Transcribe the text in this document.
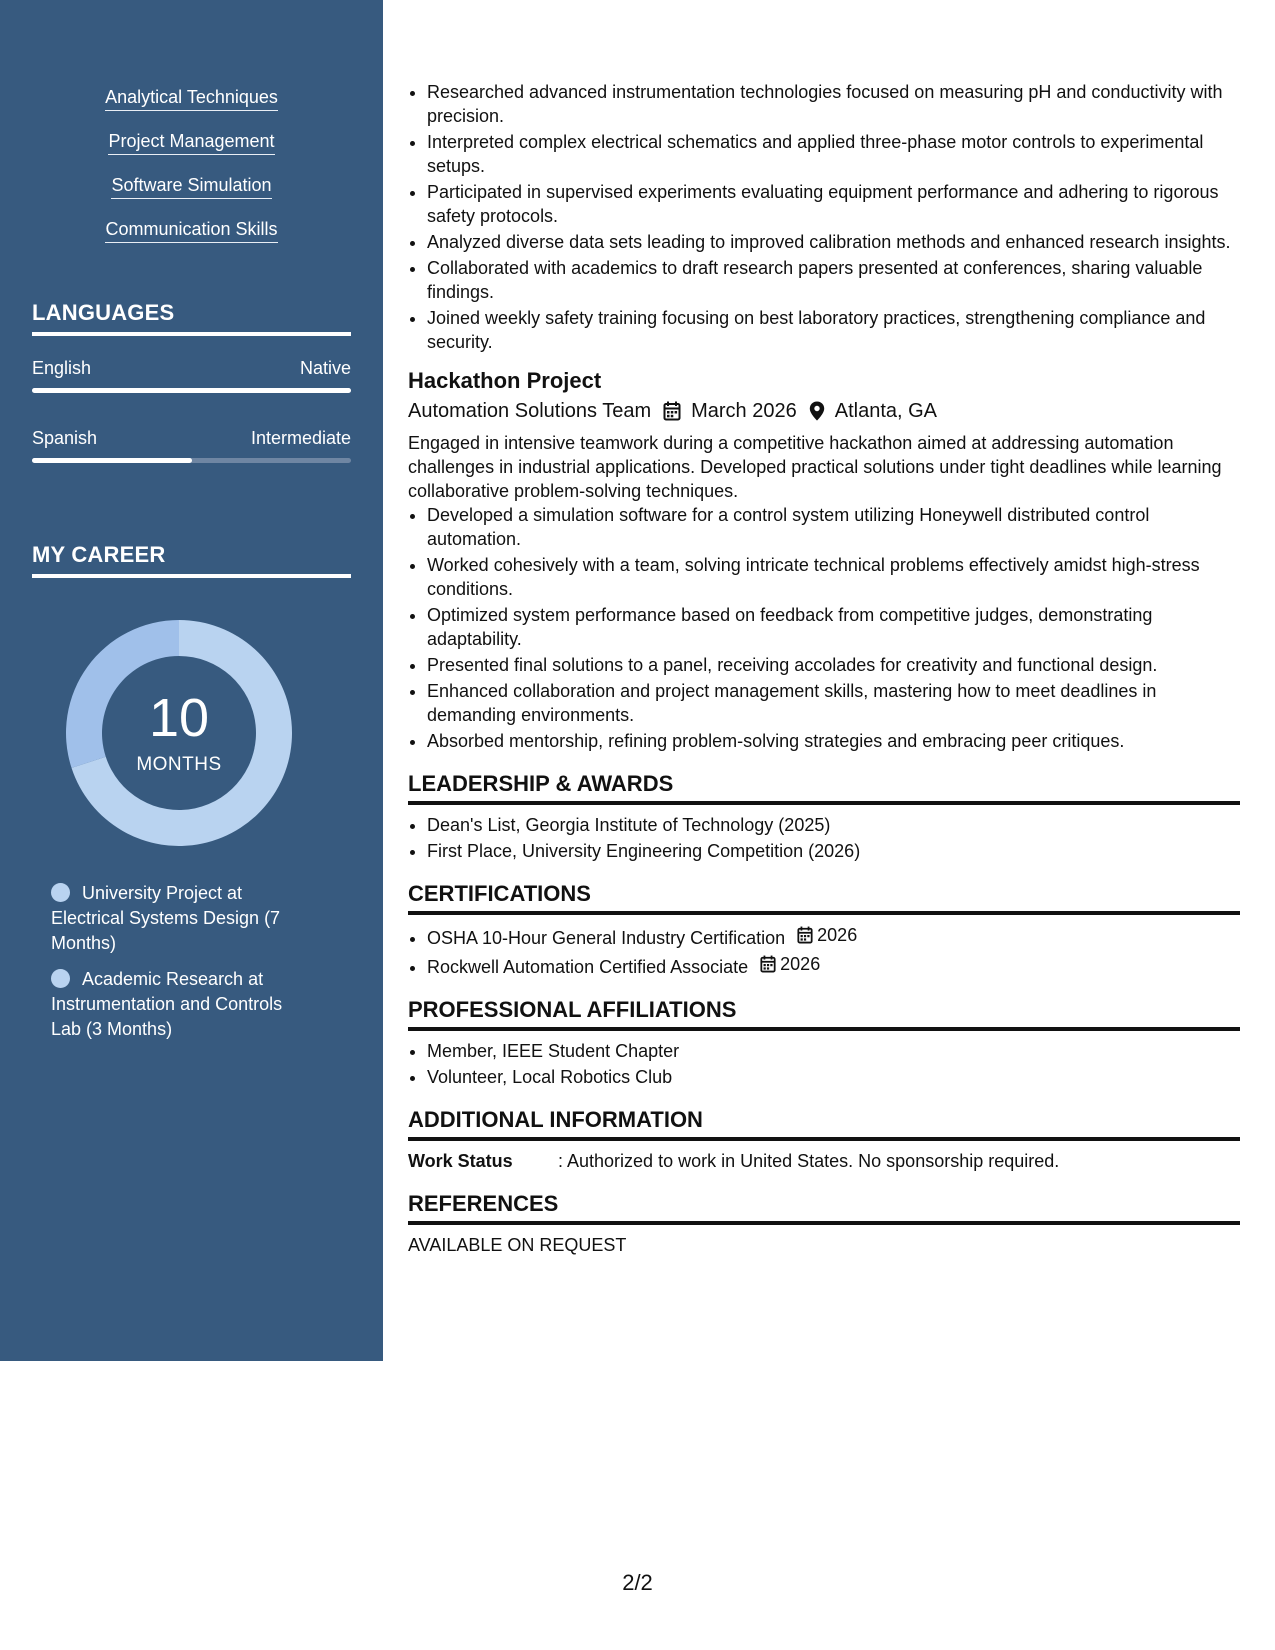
Analytical Techniques
Project Management
Software Simulation
Communication Skills
LANGUAGES
English	Native
Spanish	Intermediate
MY CAREER
10
MONTHS
University Project at Electrical Systems Design (7 Months)
Academic Research at Instrumentation and Controls Lab (3 Months)
• Researched advanced instrumentation technologies focused on measuring pH and conductivity with precision.
• Interpreted complex electrical schematics and applied three-phase motor controls to experimental setups.
• Participated in supervised experiments evaluating equipment performance and adhering to rigorous safety protocols.
• Analyzed diverse data sets leading to improved calibration methods and enhanced research insights.
• Collaborated with academics to draft research papers presented at conferences, sharing valuable findings.
• Joined weekly safety training focusing on best laboratory practices, strengthening compliance and security.
Hackathon Project
Automation Solutions Team March 2026 Atlanta, GA

Engaged in intensive teamwork during a competitive hackathon aimed at addressing automation challenges in industrial applications. Developed practical solutions under tight deadlines while learning collaborative problem-solving techniques.

• Developed a simulation software for a control system utilizing Honeywell distributed control automation.
• Worked cohesively with a team, solving intricate technical problems effectively amidst high-stress conditions.
• Optimized system performance based on feedback from competitive judges, demonstrating adaptability.
• Presented final solutions to a panel, receiving accolades for creativity and functional design.
• Enhanced collaboration and project management skills, mastering how to meet deadlines in demanding environments.
• Absorbed mentorship, refining problem-solving strategies and embracing peer critiques.
LEADERSHIP & AWARDS
• Dean's List, Georgia Institute of Technology (2025)
• First Place, University Engineering Competition (2026)
CERTIFICATIONS
• OSHA 10-Hour General Industry Certification 2026
• Rockwell Automation Certified Associate 2026
PROFESSIONAL AFFILIATIONS
• Member, IEEE Student Chapter
• Volunteer, Local Robotics Club
ADDITIONAL INFORMATION
Work Status	: Authorized to work in United States. No sponsorship required.
REFERENCES
AVAILABLE ON REQUEST
2/2
